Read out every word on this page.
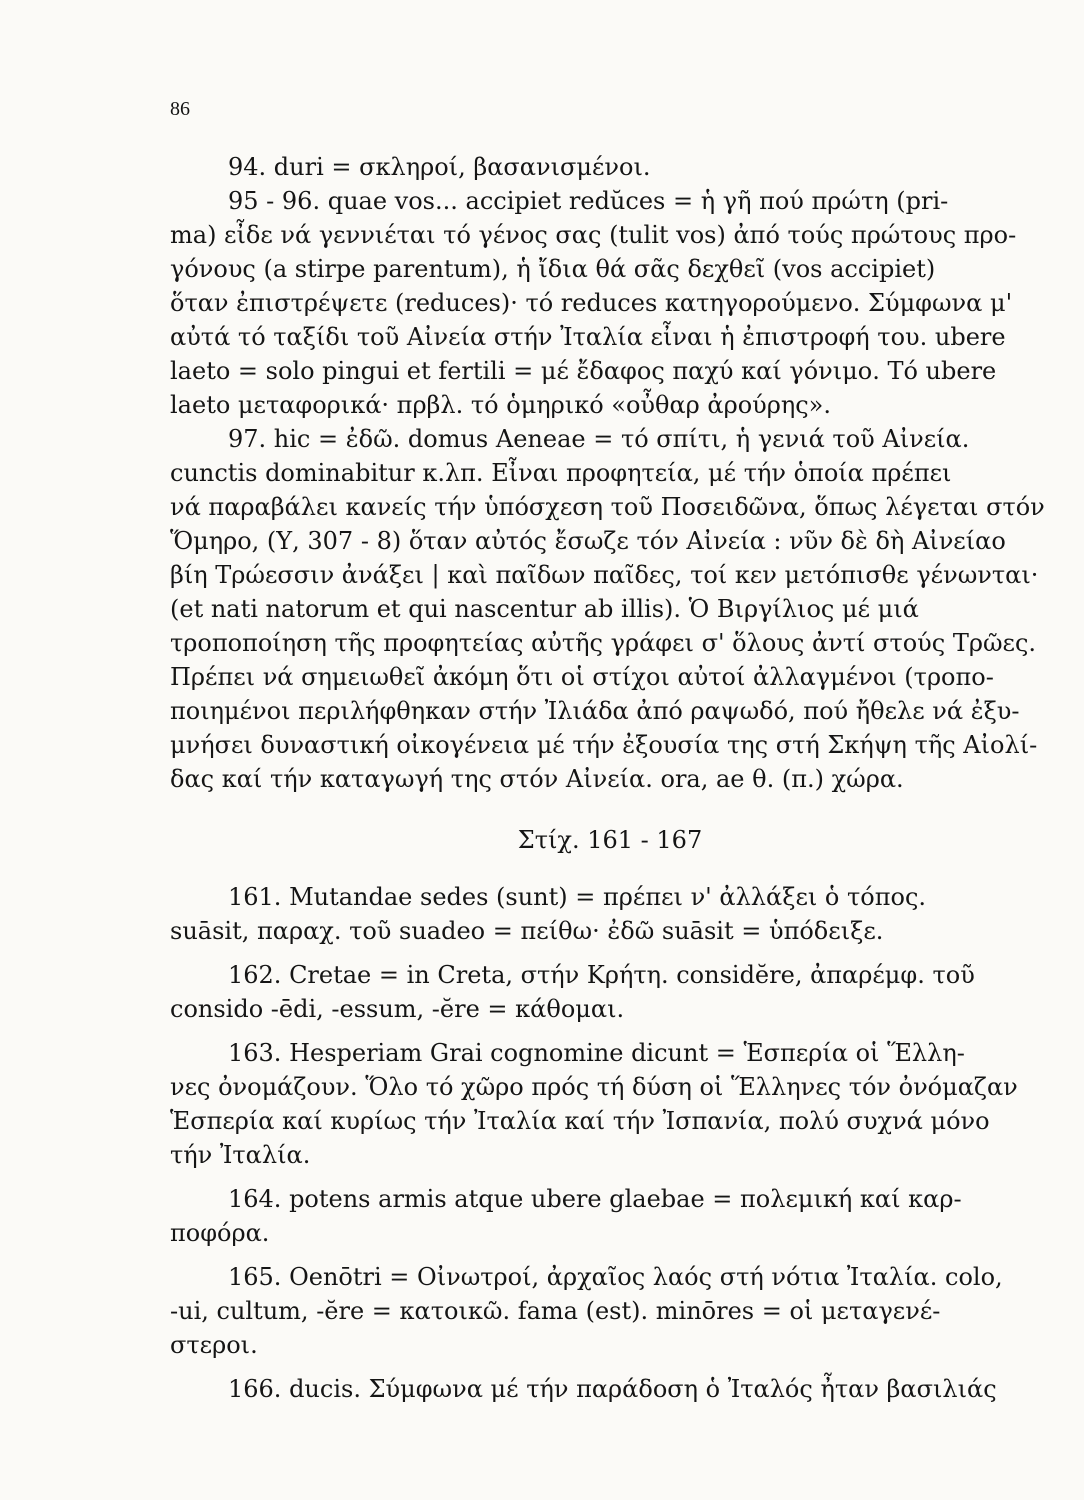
86
94. duri = σκληροί, βασανισμένοι.
95 - 96. quae vos... accipiet redŭces = ἡ γῆ πού πρώτη (pri-
ma) εἶδε νά γεννιέται τό γένος σας (tulit vos) ἀπό τούς πρώτους προ-
γόνους (a stirpe parentum), ἡ ἴδια θά σᾶς δεχθεῖ (vos accipiet)
ὅταν ἐπιστρέψετε (reduces)· τό reduces κατηγορούμενο. Σύμφωνα μ'
αὐτά τό ταξίδι τοῦ Αἰνεία στήν Ἰταλία εἶναι ἡ ἐπιστροφή του. ubere
laeto = solo pingui et fertili = μέ ἔδαφος παχύ καί γόνιμο. Τό ubere
laeto μεταφορικά· πρβλ. τό ὁμηρικό «οὖθαρ ἀρούρης».
97. hic = ἐδῶ. domus Aeneae = τό σπίτι, ἡ γενιά τοῦ Αἰνεία.
cunctis dominabitur κ.λπ. Εἶναι προφητεία, μέ τήν ὁποία πρέπει
νά παραβάλει κανείς τήν ὑπόσχεση τοῦ Ποσειδῶνα, ὅπως λέγεται στόν
Ὅμηρο, (Υ, 307 - 8) ὅταν αὐτός ἔσωζε τόν Αἰνεία : νῦν δὲ δὴ Αἰνείαο
βίη Τρώεσσιν ἀνάξει | καὶ παῖδων παῖδες, τοί κεν μετόπισθε γένωνται·
(et nati natorum et qui nascentur ab illis). Ὁ Βιργίλιος μέ μιά
τροποποίηση τῆς προφητείας αὐτῆς γράφει σ' ὅλους ἀντί στούς Τρῶες.
Πρέπει νά σημειωθεῖ ἀκόμη ὅτι οἱ στίχοι αὐτοί ἀλλαγμένοι (τροπο-
ποιημένοι περιλήφθηκαν στήν Ἰλιάδα ἀπό ραψωδό, πού ἤθελε νά ἐξυ-
μνήσει δυναστική οἰκογένεια μέ τήν ἐξουσία της στή Σκήψη τῆς Αἰολί-
δας καί τήν καταγωγή της στόν Αἰνεία. ora, ae θ. (π.) χώρα.
Στίχ. 161 - 167
161. Mutandae sedes (sunt) = πρέπει ν' ἀλλάξει ὁ τόπος.
suāsit, παραχ. τοῦ suadeo = πείθω· ἐδῶ suāsit = ὑπόδειξε.
162. Cretae = in Creta, στήν Κρήτη. considĕre, ἀπαρέμφ. τοῦ
consido -ēdi, -essum, -ĕre = κάθομαι.
163. Hesperiam Grai cognomine dicunt = Ἑσπερία οἱ Ἕλλη-
νες ὀνομάζουν. Ὅλο τό χῶρο πρός τή δύση οἱ Ἕλληνες τόν ὀνόμαζαν
Ἑσπερία καί κυρίως τήν Ἰταλία καί τήν Ἰσπανία, πολύ συχνά μόνο
τήν Ἰταλία.
164. potens armis atque ubere glaebae = πολεμική καί καρ-
ποφόρα.
165. Oenōtri = Οἰνωτροί, ἀρχαῖος λαός στή νότια Ἰταλία. colo,
-ui, cultum, -ĕre = κατοικῶ. fama (est). minōres = οἱ μεταγενέ-
στεροι.
166. ducis. Σύμφωνα μέ τήν παράδοση ὁ Ἰταλός ἦταν βασιλιάς
